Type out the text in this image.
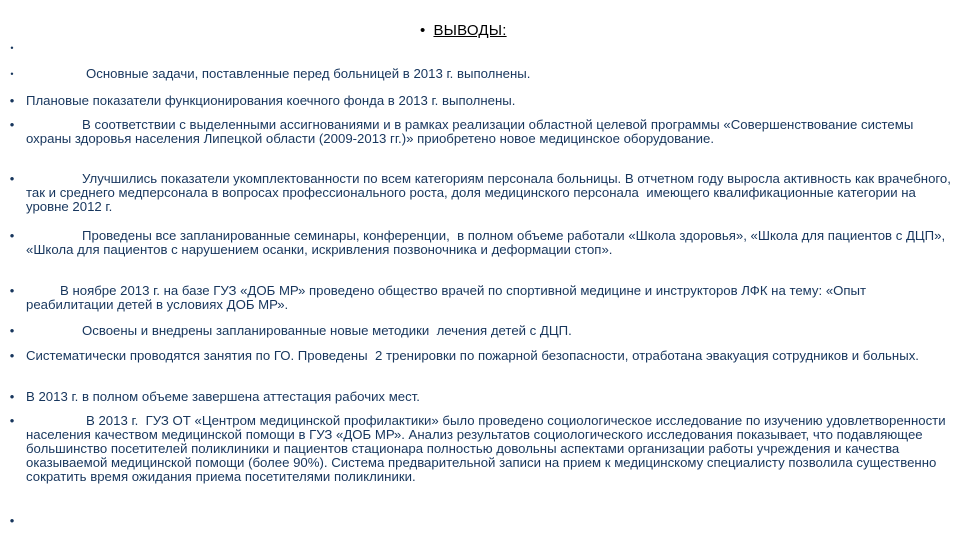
• ВЫВОДЫ:
•
•	Основные задачи, поставленные перед больницей в 2013 г. выполнены.
• Плановые показатели функционирования коечного фонда в 2013 г. выполнены.
•	В соответствии с выделенными ассигнованиями и в рамках реализации областной целевой программы «Совершенствование системы охраны здоровья населения Липецкой области (2009-2013 гг.)» приобретено новое медицинское оборудование.
•	Улучшились показатели укомплектованности по всем категориям персонала больницы. В отчетном году выросла активность как врачебного, так и среднего медперсонала в вопросах профессионального роста, доля медицинского персонала  имеющего квалификационные категории на уровне 2012 г.
•	Проведены все запланированные семинары, конференции,  в полном объеме работали «Школа здоровья», «Школа для пациентов с ДЦП», «Школа для пациентов с нарушением осанки, искривления позвоночника и деформации стоп».
•	В ноябре 2013 г. на базе ГУЗ «ДОБ МР» проведено общество врачей по спортивной медицине и инструкторов ЛФК на тему: «Опыт реабилитации детей в условиях ДОБ МР».
•	Освоены и внедрены запланированные новые методики  лечения детей с ДЦП.
• Систематически проводятся занятия по ГО. Проведены  2 тренировки по пожарной безопасности, отработана эвакуация сотрудников и больных.
• В 2013 г. в полном объеме завершена аттестация рабочих мест.
•	В 2013 г.  ГУЗ ОТ «Центром медицинской профилактики» было проведено социологическое исследование по изучению удовлетворенности населения качеством медицинской помощи в ГУЗ «ДОБ МР». Анализ результатов социологического исследования показывает, что подавляющее большинство посетителей поликлиники и пациентов стационара полностью довольны аспектами организации работы учреждения и качества оказываемой медицинской помощи (более 90%). Система предварительной записи на прием к медицинскому специалисту позволила существенно сократить время ожидания приема посетителями поликлиники.
•
